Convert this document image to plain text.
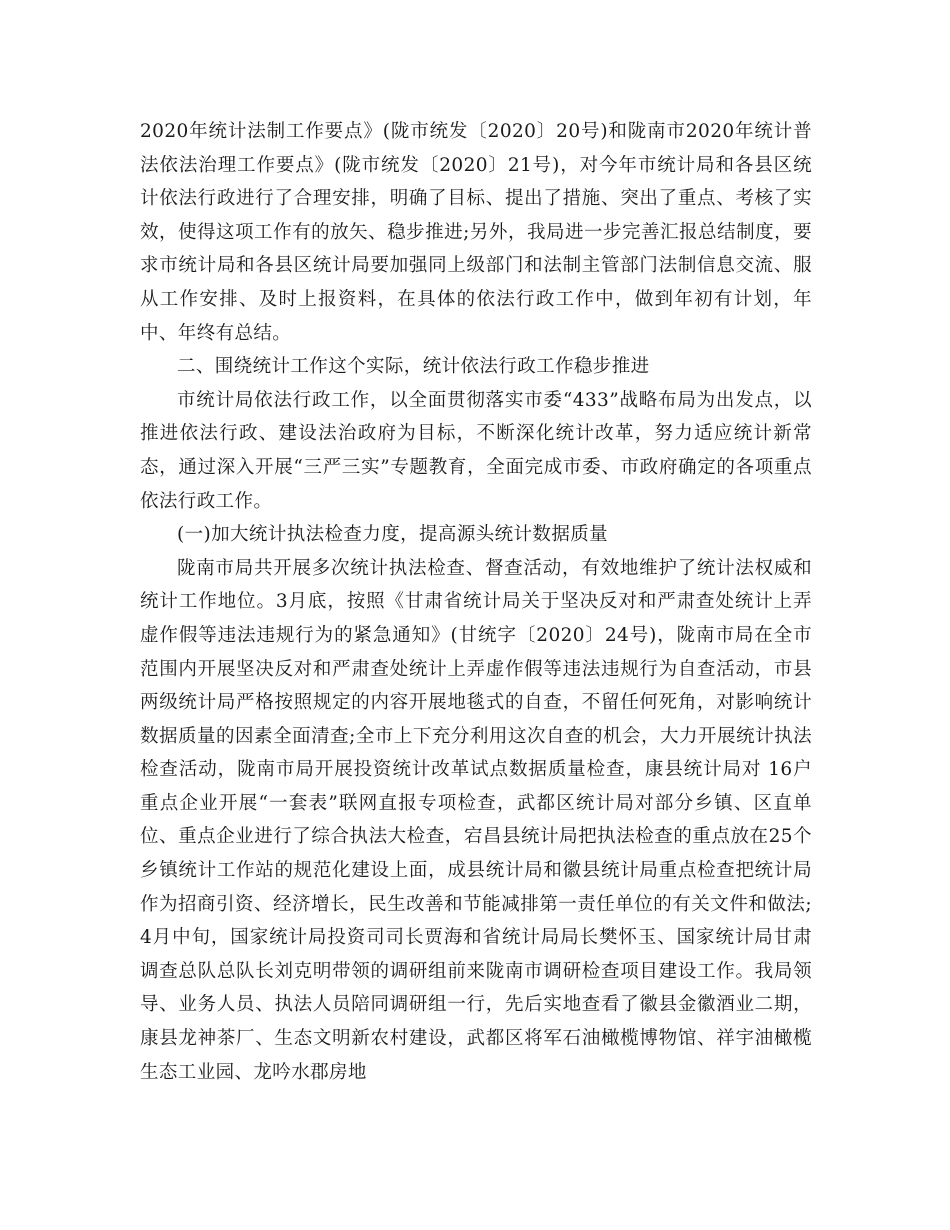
2020年统计法制工作要点》(陇市统发〔2020〕20号)和陇南市2020年统计普法依法治理工作要点》(陇市统发〔2020〕21号)，对今年市统计局和各县区统计依法行政进行了合理安排，明确了目标、提出了措施、突出了重点、考核了实效，使得这项工作有的放矢、稳步推进;另外，我局进一步完善汇报总结制度，要求市统计局和各县区统计局要加强同上级部门和法制主管部门法制信息交流、服从工作安排、及时上报资料，在具体的依法行政工作中，做到年初有计划，年中、年终有总结。

二、围绕统计工作这个实际，统计依法行政工作稳步推进

市统计局依法行政工作，以全面贯彻落实市委“433”战略布局为出发点，以推进依法行政、建设法治政府为目标，不断深化统计改革，努力适应统计新常态，通过深入开展“三严三实”专题教育，全面完成市委、市政府确定的各项重点依法行政工作。

(一)加大统计执法检查力度，提高源头统计数据质量

陇南市局共开展多次统计执法检查、督查活动，有效地维护了统计法权威和统计工作地位。3月底，按照《甘肃省统计局关于坚决反对和严肃查处统计上弄虚作假等违法违规行为的紧急通知》(甘统字〔2020〕24号)，陇南市局在全市范围内开展坚决反对和严肃查处统计上弄虚作假等违法违规行为自查活动，市县两级统计局严格按照规定的内容开展地毯式的自查，不留任何死角，对影响统计数据质量的因素全面清查;全市上下充分利用这次自查的机会，大力开展统计执法检查活动，陇南市局开展投资统计改革试点数据质量检查，康县统计局对 16户重点企业开展“一套表”联网直报专项检查，武都区统计局对部分乡镇、区直单位、重点企业进行了综合执法大检查，宕昌县统计局把执法检查的重点放在25个乡镇统计工作站的规范化建设上面，成县统计局和徽县统计局重点检查把统计局作为招商引资、经济增长，民生改善和节能减排第一责任单位的有关文件和做法; 4月中旬，国家统计局投资司司长贾海和省统计局局长樊怀玉、国家统计局甘肃调查总队总队长刘克明带领的调研组前来陇南市调研检查项目建设工作。我局领导、业务人员、执法人员陪同调研组一行，先后实地查看了徽县金徽酒业二期，康县龙神茶厂、生态文明新农村建设，武都区将军石油橄榄博物馆、祥宇油橄榄生态工业园、龙吟水郡房地
